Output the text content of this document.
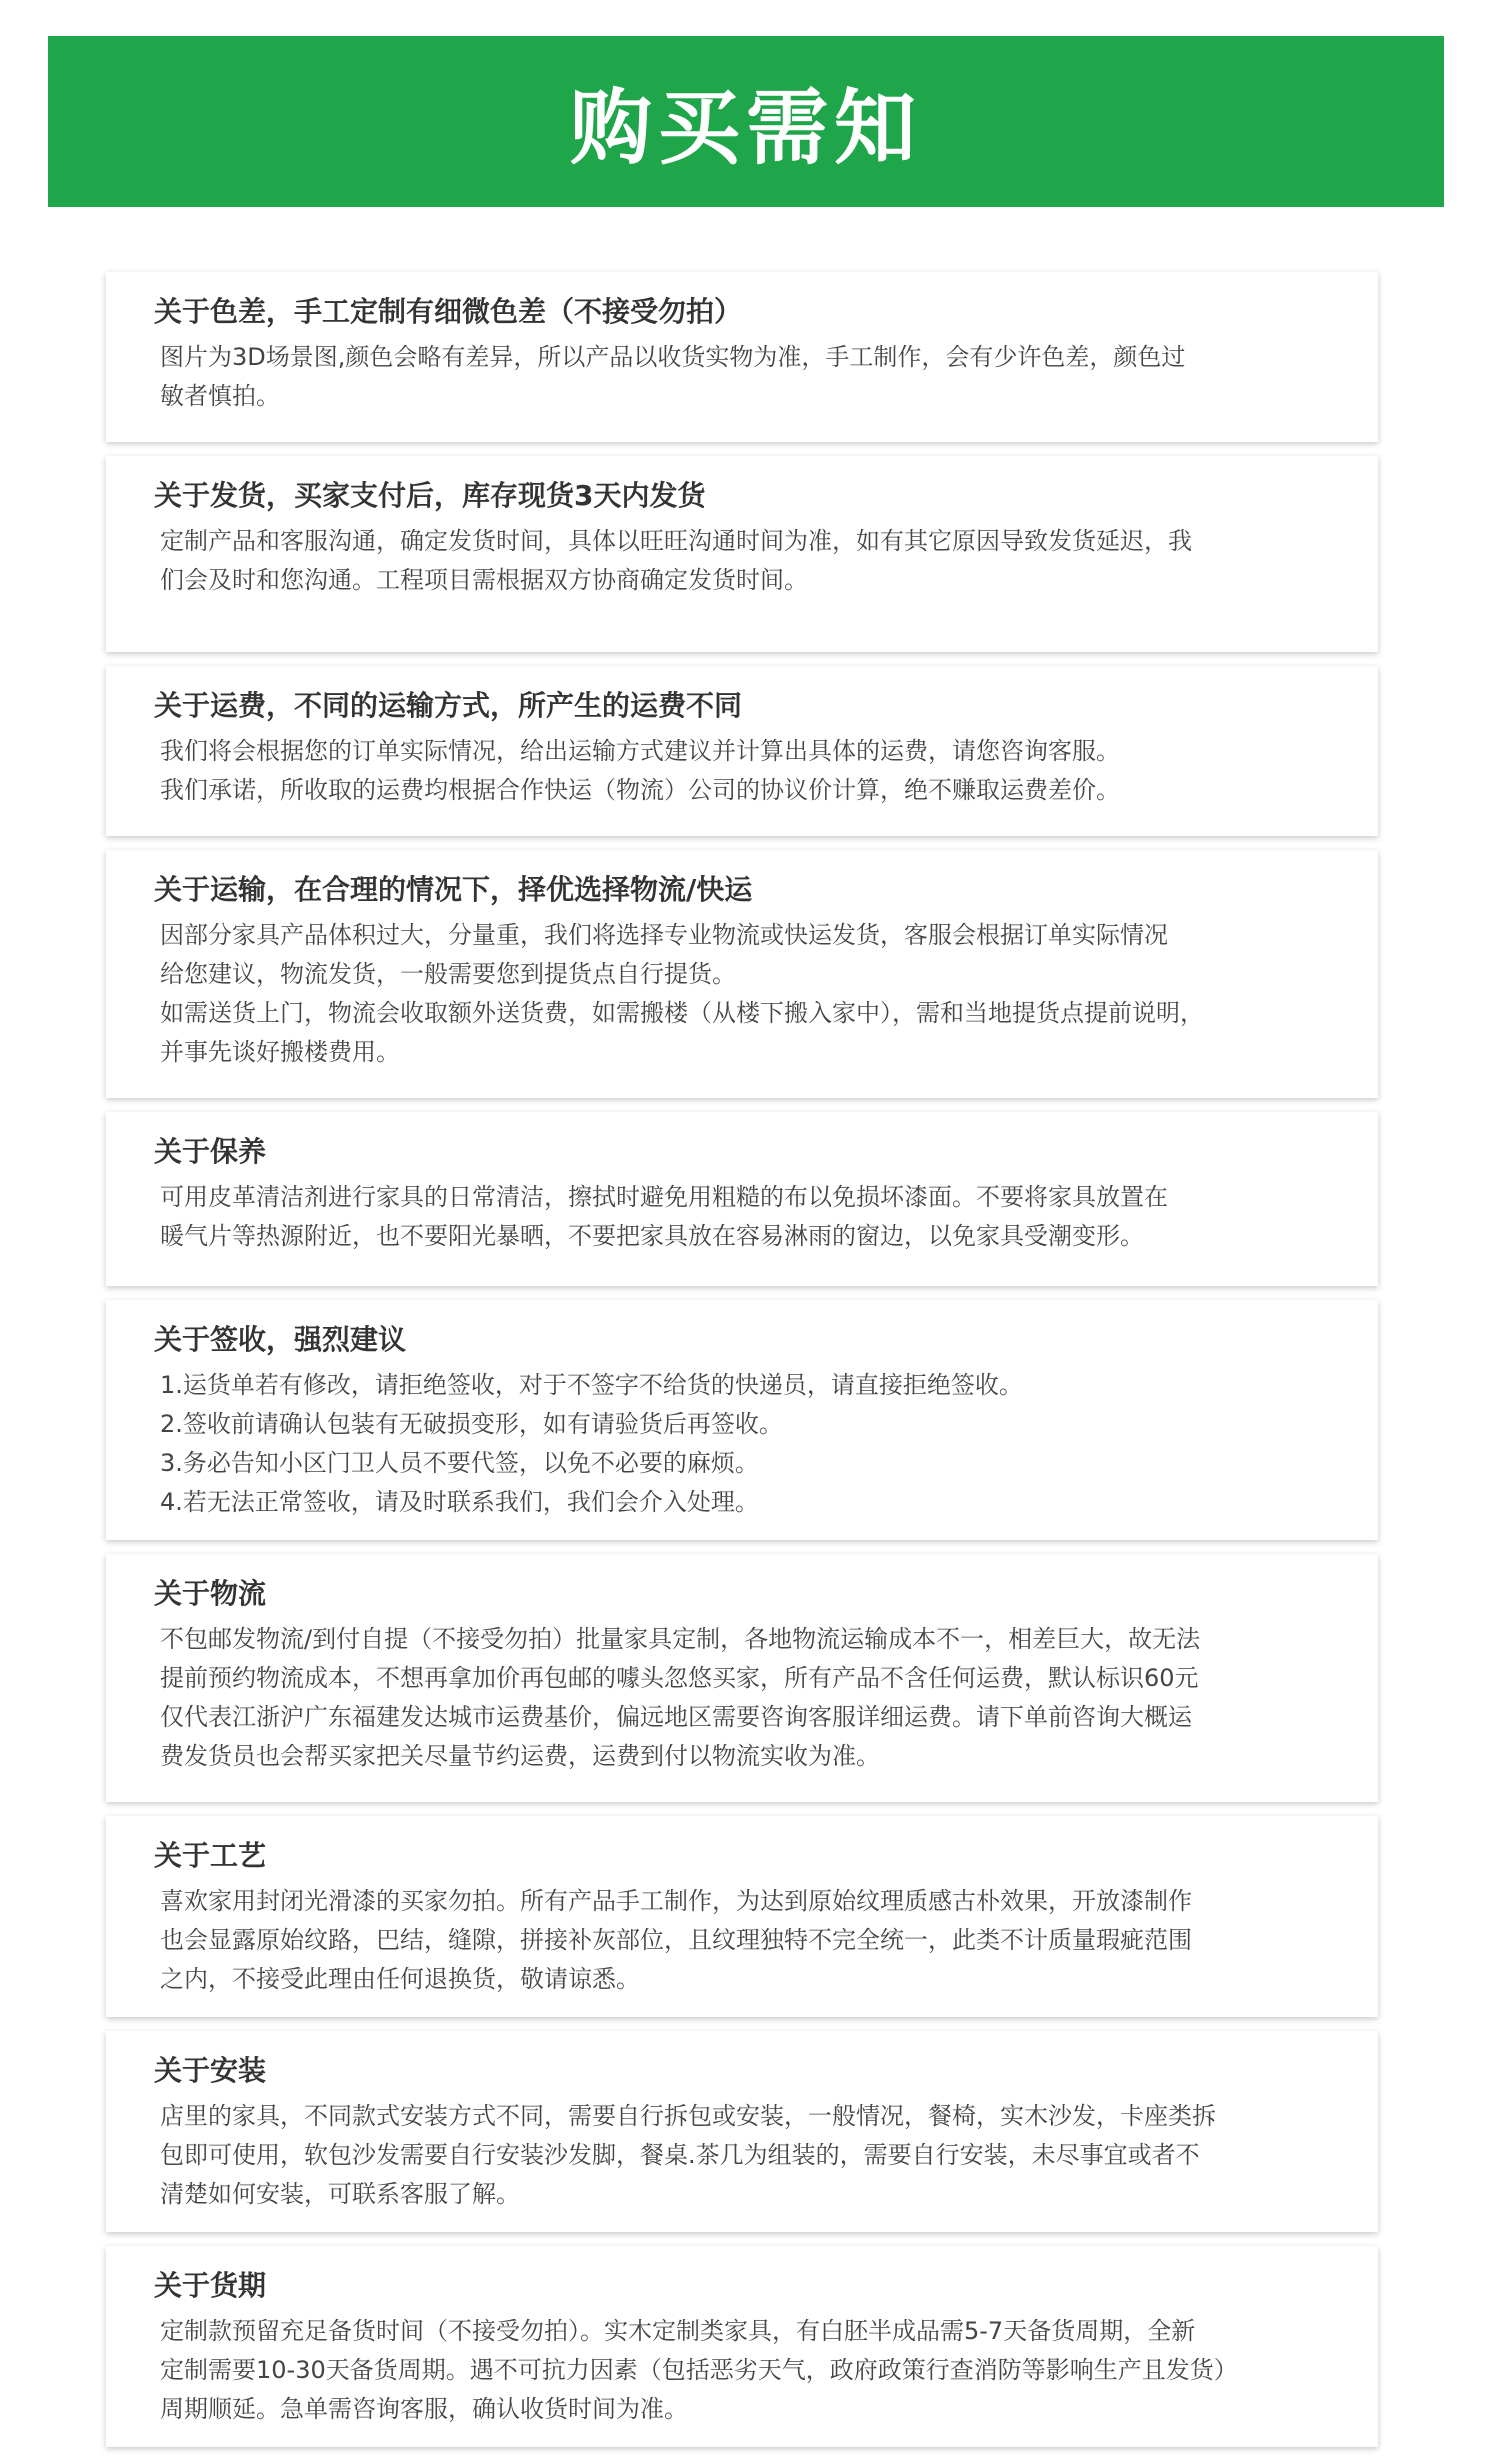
购买需知
关于色差，手工定制有细微色差（不接受勿拍）
图片为3D场景图,颜色会略有差异，所以产品以收货实物为准，手工制作，会有少许色差，颜色过
敏者慎拍。
关于发货，买家支付后，库存现货3天内发货
定制产品和客服沟通，确定发货时间，具体以旺旺沟通时间为准，如有其它原因导致发货延迟，我
们会及时和您沟通。工程项目需根据双方协商确定发货时间。
关于运费，不同的运输方式，所产生的运费不同
我们将会根据您的订单实际情况，给出运输方式建议并计算出具体的运费，请您咨询客服。
我们承诺，所收取的运费均根据合作快运（物流）公司的协议价计算，绝不赚取运费差价。
关于运输，在合理的情况下，择优选择物流/快运
因部分家具产品体积过大，分量重，我们将选择专业物流或快运发货，客服会根据订单实际情况
给您建议，物流发货，一般需要您到提货点自行提货。
如需送货上门，物流会收取额外送货费，如需搬楼（从楼下搬入家中），需和当地提货点提前说明，
并事先谈好搬楼费用。
关于保养
可用皮革清洁剂进行家具的日常清洁，擦拭时避免用粗糙的布以免损坏漆面。不要将家具放置在
暖气片等热源附近，也不要阳光暴晒，不要把家具放在容易淋雨的窗边，以免家具受潮变形。
关于签收，强烈建议
1.运货单若有修改，请拒绝签收，对于不签字不给货的快递员，请直接拒绝签收。
2.签收前请确认包装有无破损变形，如有请验货后再签收。
3.务必告知小区门卫人员不要代签，以免不必要的麻烦。
4.若无法正常签收，请及时联系我们，我们会介入处理。
关于物流
不包邮发物流/到付自提（不接受勿拍）批量家具定制，各地物流运输成本不一，相差巨大，故无法
提前预约物流成本，不想再拿加价再包邮的噱头忽悠买家，所有产品不含任何运费，默认标识60元
仅代表江浙沪广东福建发达城市运费基价，偏远地区需要咨询客服详细运费。请下单前咨询大概运
费发货员也会帮买家把关尽量节约运费，运费到付以物流实收为准。
关于工艺
喜欢家用封闭光滑漆的买家勿拍。所有产品手工制作，为达到原始纹理质感古朴效果，开放漆制作
也会显露原始纹路，巴结，缝隙，拼接补灰部位，且纹理独特不完全统一，此类不计质量瑕疵范围
之内，不接受此理由任何退换货，敬请谅悉。
关于安装
店里的家具，不同款式安装方式不同，需要自行拆包或安装，一般情况，餐椅，实木沙发，卡座类拆
包即可使用，软包沙发需要自行安装沙发脚，餐桌.茶几为组装的，需要自行安装，未尽事宜或者不
清楚如何安装，可联系客服了解。
关于货期
定制款预留充足备货时间（不接受勿拍）。实木定制类家具，有白胚半成品需5-7天备货周期，全新
定制需要10-30天备货周期。遇不可抗力因素（包括恶劣天气，政府政策行查消防等影响生产且发货）
周期顺延。急单需咨询客服，确认收货时间为准。
